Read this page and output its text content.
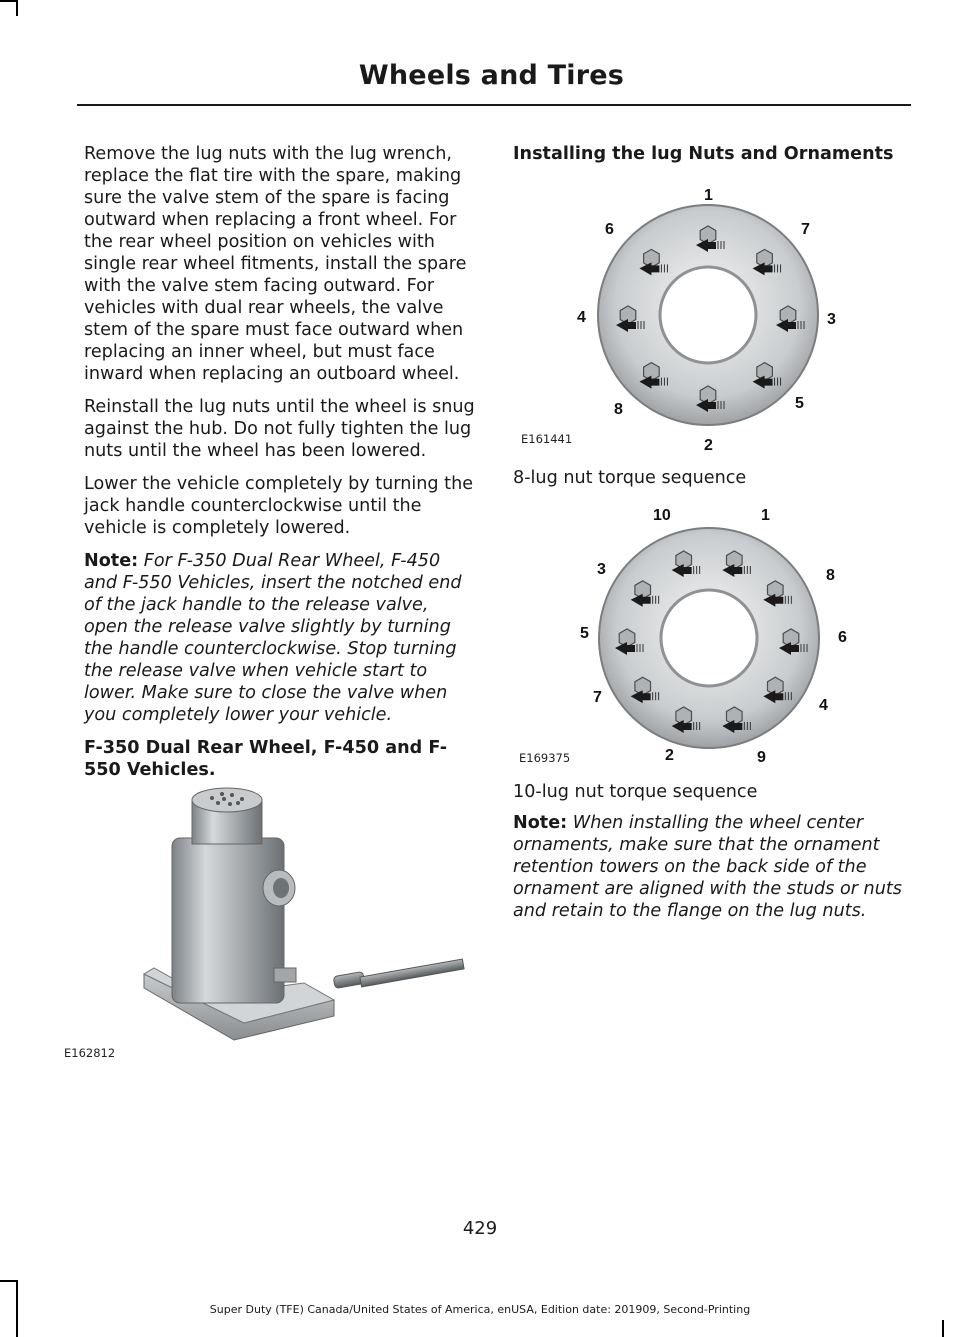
Wheels and Tires

Remove the lug nuts with the lug wrench, replace the flat tire with the spare, making sure the valve stem of the spare is facing outward when replacing a front wheel. For the rear wheel position on vehicles with single rear wheel fitments, install the spare with the valve stem facing outward. For vehicles with dual rear wheels, the valve stem of the spare must face outward when replacing an inner wheel, but must face inward when replacing an outboard wheel.

Reinstall the lug nuts until the wheel is snug against the hub. Do not fully tighten the lug nuts until the wheel has been lowered.

Lower the vehicle completely by turning the jack handle counterclockwise until the vehicle is completely lowered.

Note: For F-350 Dual Rear Wheel, F-450 and F-550 Vehicles, insert the notched end of the jack handle to the release valve, open the release valve slightly by turning the handle counterclockwise. Stop turning the release valve when vehicle start to lower. Make sure to close the valve when you completely lower your vehicle.

F-350 Dual Rear Wheel, F-450 and F-550 Vehicles.
E162812
Installing the lug Nuts and Ornaments
1
7
3
5
2
8
4
6
E161441
8-lug nut torque sequence
1
8
6
4
9
2
7
5
3
10
E169375
10-lug nut torque sequence

Note: When installing the wheel center ornaments, make sure that the ornament retention towers on the back side of the ornament are aligned with the studs or nuts and retain to the flange on the lug nuts.

429
Super Duty (TFE) Canada/United States of America, enUSA, Edition date: 201909, Second-Printing
